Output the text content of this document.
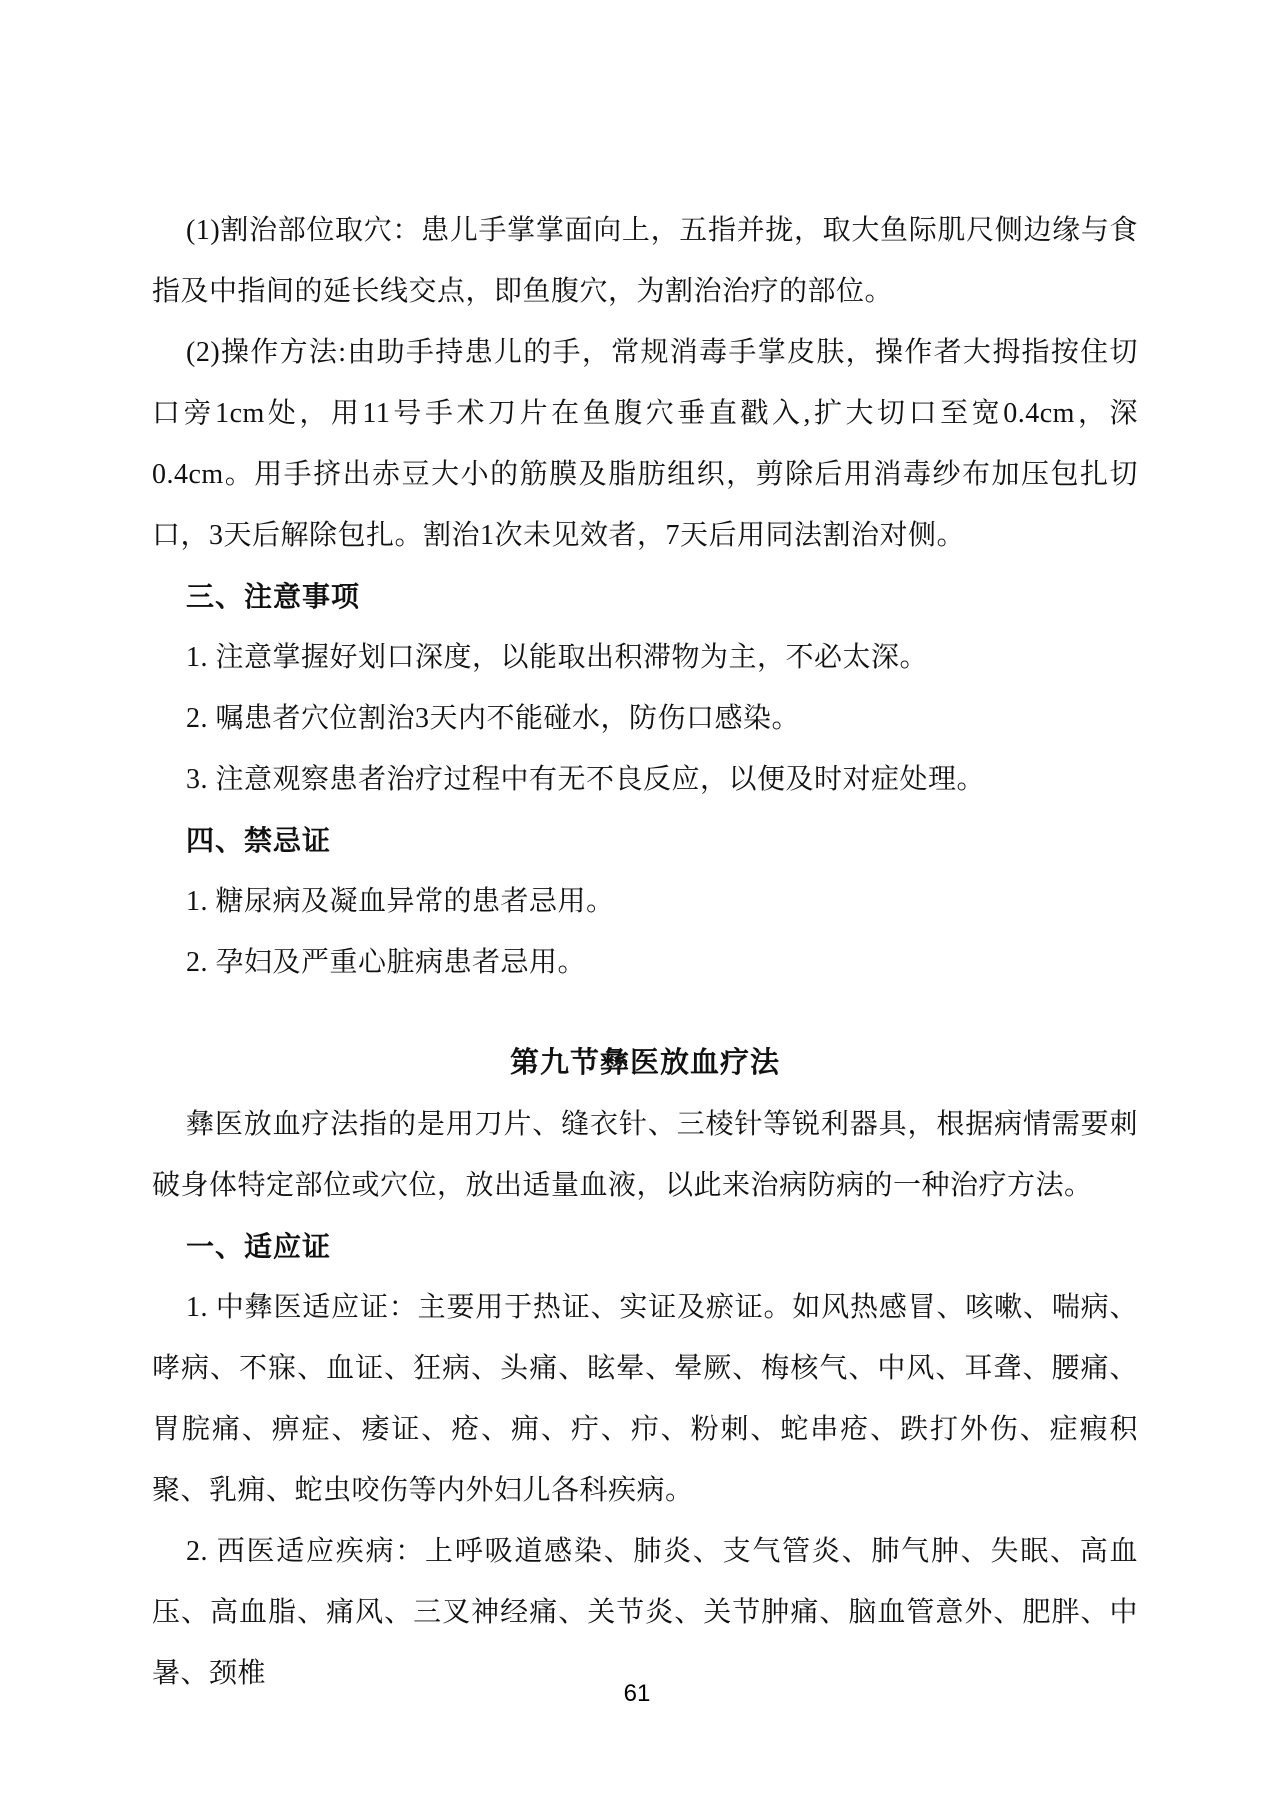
(1)割治部位取穴：患儿手掌掌面向上，五指并拢，取大鱼际肌尺侧边缘与食指及中指间的延长线交点，即鱼腹穴，为割治治疗的部位。

(2)操作方法:由助手持患儿的手，常规消毒手掌皮肤，操作者大拇指按住切口旁1cm处，用11号手术刀片在鱼腹穴垂直戳入,扩大切口至宽0.4cm，深0.4cm。用手挤出赤豆大小的筋膜及脂肪组织，剪除后用消毒纱布加压包扎切口，3天后解除包扎。割治1次未见效者，7天后用同法割治对侧。

三、注意事项

1. 注意掌握好划口深度，以能取出积滞物为主，不必太深。

2. 嘱患者穴位割治3天内不能碰水，防伤口感染。

3. 注意观察患者治疗过程中有无不良反应，以便及时对症处理。

四、禁忌证

1. 糖尿病及凝血异常的患者忌用。

2. 孕妇及严重心脏病患者忌用。

第九节彝医放血疗法

彝医放血疗法指的是用刀片、缝衣针、三棱针等锐利器具，根据病情需要刺破身体特定部位或穴位，放出适量血液，以此来治病防病的一种治疗方法。

一、适应证

1. 中彝医适应证：主要用于热证、实证及瘀证。如风热感冒、咳嗽、喘病、哮病、不寐、血证、狂病、头痛、眩晕、晕厥、梅核气、中风、耳聋、腰痛、胃脘痛、痹症、痿证、疮、痈、疔、疖、粉刺、蛇串疮、跌打外伤、症瘕积聚、乳痈、蛇虫咬伤等内外妇儿各科疾病。

2. 西医适应疾病：上呼吸道感染、肺炎、支气管炎、肺气肿、失眠、高血压、高血脂、痛风、三叉神经痛、关节炎、关节肿痛、脑血管意外、肥胖、中暑、颈椎

61
